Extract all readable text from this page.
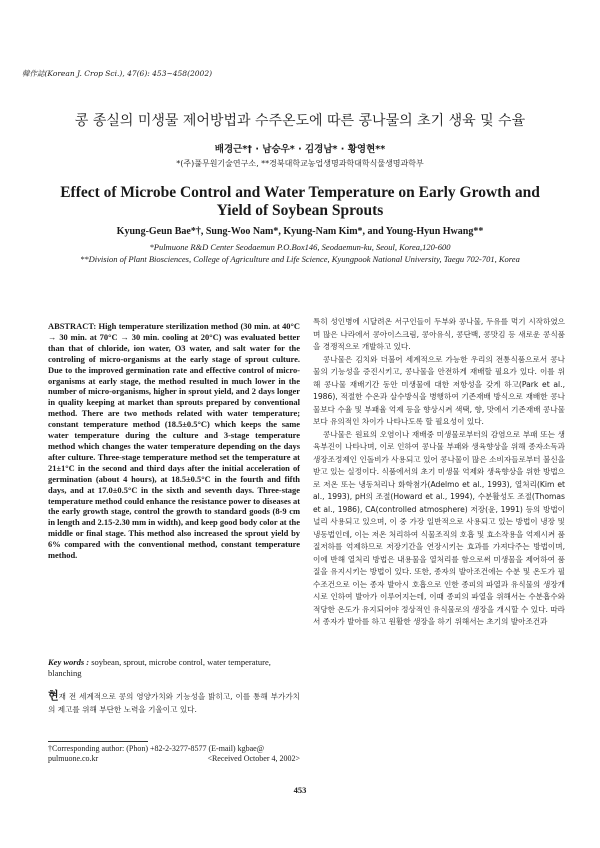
韓作誌(Korean J. Crop Sci.), 47(6): 453~458(2002)
콩 종실의 미생물 제어방법과 수주온도에 따른 콩나물의 초기 생육 및 수율
배경근*† · 남승우* · 김경남* · 황영현**
*(주)풀무원기술연구소, **경북대학교농업생명과학대학식물생명과학부
Effect of Microbe Control and Water Temperature on Early Growth and Yield of Soybean Sprouts
Kyung-Geun Bae*†, Sung-Woo Nam*, Kyung-Nam Kim*, and Young-Hyun Hwang**
*Pulmuone R&D Center Seodaemun P.O.Box146, Seodaemun-ku, Seoul, Korea,120-600
**Division of Plant Biosciences, College of Agriculture and Life Science, Kyungpook National University, Taegu 702-701, Korea
ABSTRACT: High temperature sterilization method (30 min. at 40°C → 30 min. at 70°C → 30 min. cooling at 20°C) was evaluated better than that of chloride, ion water, O3 water, and salt water for the controling of micro-organisms at the early stage of sprout culture. Due to the improved germination rate and effective control of micro-organisms at early stage, the method resulted in much lower in the number of micro-organisms, higher in sprout yield, and 2 days longer in quality keeping at market than sprouts prepared by conventional method. There are two methods related with water temperature; constant temperature method (18.5±0.5°C) which keeps the same water temperature during the culture and 3-stage temperature method which changes the water temperature depending on the days after culture. Three-stage temperature method set the temperature at 21±1°C in the second and third days after the initial acceleration of germination (about 4 hours), at 18.5±0.5°C in the fourth and fifth days, and at 17.0±0.5°C in the sixth and seventh days. Three-stage temperature method could enhance the resistance power to diseases at the early growth stage, control the growth to standard goods (8-9 cm in length and 2.15-2.30 mm in width), and keep good body color at the middle or final stage. This method also increased the sprout yield by 6% compared with the conventional method, constant temperature method.
Key words : soybean, sprout, microbe control, water temperature, blanching
현재 전 세계적으로 콩의 영양가치와 기능성을 밝히고, 이를 통해 부가가치의 제고를 위해 부단한 노력을 기울이고 있다.
†Corresponding author: (Phon) +82-2-3277-8577 (E-mail) kgbae@
pulmuone.co.kr	<Received October 4, 2002>

특히 성인병에 시달려온 서구인들이 두부와 콩나물, 두유를 먹기 시작하였으며 많은 나라에서 콩아이스크림, 콩아유식, 콩단백, 콩맛김 등 새로운 콩식품을 경쟁적으로 개발하고 있다.

콩나물은 김치와 더불어 세계적으로 가능한 우리의 전통식품으로서 콩나물의 기능성을 증진시키고, 콩나물을 안전하게 재배할 필요가 있다. 이를 위해 콩나물 재배기간 동안 미생물에 대한 저항성을 갖게 하고(Park et al., 1986), 적절한 수온과 살수방식을 병행하여 기존재배 방식으로 재배한 콩나물보다 수율 및 부패율 억제 등을 향상시켜 색택, 향, 맛에서 기존재배 콩나물보다 유의적인 차이가 나타나도록 할 필요성이 있다.

콩나물은 원료의 오염이나 재배중 미생물로부터의 감염으로 부패 또는 생육부진이 나타나며, 이로 인하여 콩나물 부패와 생육향상을 위해 종자소독과 생장조정제인 인돌비가 사용되고 있어 콩나물이 많은 소비자들로부터 불신을 받고 있는 실정이다. 식품에서의 초기 미생물 억제와 생육향상을 위한 방법으로 저온 또는 냉동처리나 화학첨가(Adelmo et al., 1993), 열처리(Kim et al., 1993), pH의 조절(Howard et al., 1994), 수분활성도 조절(Thomas et al., 1986), CA(controlled atmosphere) 저장(윤, 1991) 등의 방법이 널리 사용되고 있으며, 이 중 가장 일반적으로 사용되고 있는 방법이 냉장 및 냉동법인데, 이는 저온 처리하여 식물조직의 호흡 및 효소작용을 억제시켜 품질저하를 억제하므로 저장기간을 연장시키는 효과를 가져다주는 방법이며, 이에 반해 열처리 방법은 내용물을 열처리를 함으로써 미생물을 제어하여 품질을 유지시키는 방법이 있다. 또한, 종자의 발아조건에는 수분 및 온도가 필수조건으로 이는 종자 발아시 호흡으로 인한 종피의 파열과 유식물의 생장개시로 인하여 발아가 이루어지는데, 이때 종피의 파열을 위해서는 수분흡수와 적당한 온도가 유지되어야 정상적인 유식물로의 생장을 개시할 수 있다. 따라서 종자가 발아를 하고 원활한 생장을 하기 위해서는 초기의 발아조건과

453
